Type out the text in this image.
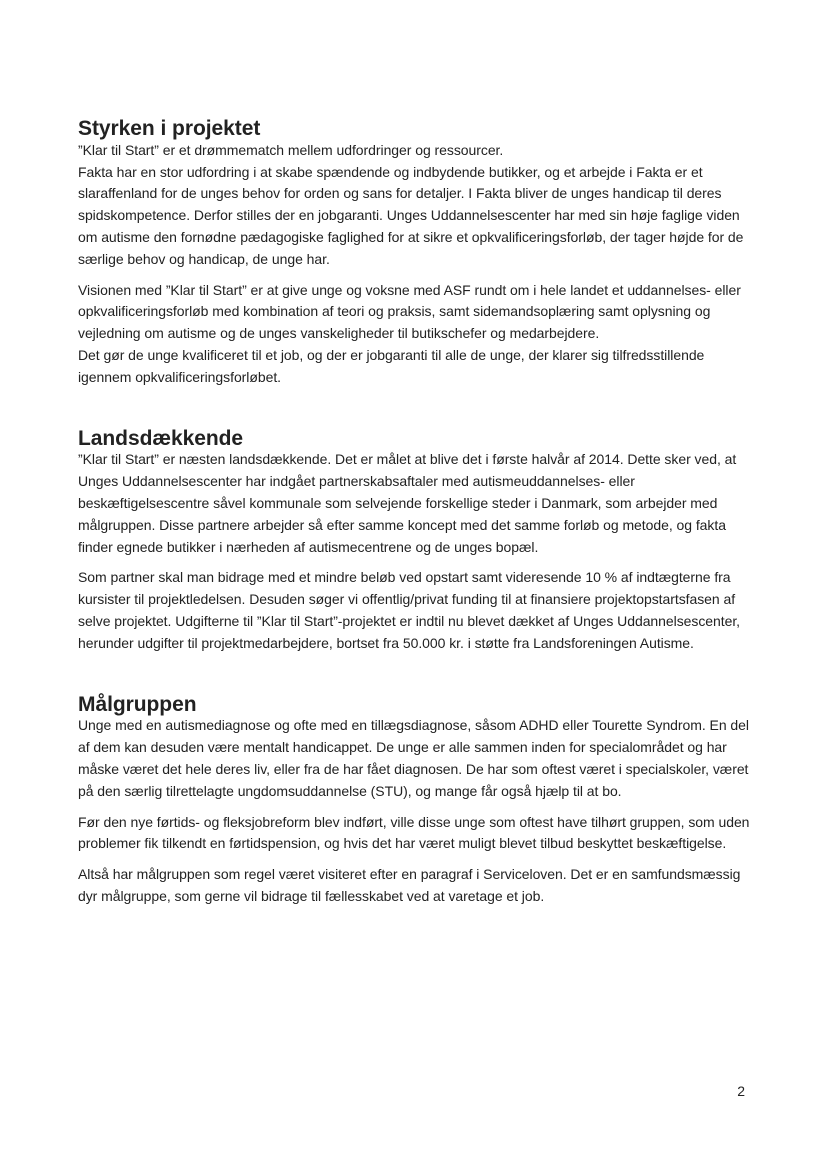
Styrken i projektet

”Klar til Start” er et drømmematch mellem udfordringer og ressourcer.
Fakta har en stor udfordring i at skabe spændende og indbydende butikker, og et arbejde i Fakta er et slaraffenland for de unges behov for orden og sans for detaljer. I Fakta bliver de unges handicap til deres spidskompetence. Derfor stilles der en jobgaranti. Unges Uddannelsescenter har med sin høje faglige viden om autisme den fornødne pædagogiske faglighed for at sikre et opkvalificeringsforløb, der tager højde for de særlige behov og handicap, de unge har.

Visionen med ”Klar til Start” er at give unge og voksne med ASF rundt om i hele landet et uddannelses- eller opkvalificeringsforløb med kombination af teori og praksis, samt sidemandsoplæring samt oplysning og vejledning om autisme og de unges vanskeligheder til butikschefer og medarbejdere.
Det gør de unge kvalificeret til et job, og der er jobgaranti til alle de unge, der klarer sig tilfredsstillende igennem opkvalificeringsforløbet.

Landsdækkende

”Klar til Start” er næsten landsdækkende. Det er målet at blive det i første halvår af 2014. Dette sker ved, at Unges Uddannelsescenter har indgået partnerskabsaftaler med autismeuddannelses- eller beskæftigelsescentre såvel kommunale som selvejende forskellige steder i Danmark, som arbejder med målgruppen. Disse partnere arbejder så efter samme koncept med det samme forløb og metode, og fakta finder egnede butikker i nærheden af autismecentrene og de unges bopæl.

Som partner skal man bidrage med et mindre beløb ved opstart samt videresende 10 % af indtægterne fra kursister til projektledelsen. Desuden søger vi offentlig/privat funding til at finansiere projektopstartsfasen af selve projektet. Udgifterne til ”Klar til Start”-projektet er indtil nu blevet dækket af Unges Uddannelsescenter, herunder udgifter til projektmedarbejdere, bortset fra 50.000 kr. i støtte fra Landsforeningen Autisme.

Målgruppen

Unge med en autismediagnose og ofte med en tillægsdiagnose, såsom ADHD eller Tourette Syndrom. En del af dem kan desuden være mentalt handicappet. De unge er alle sammen inden for specialområdet og har måske været det hele deres liv, eller fra de har fået diagnosen. De har som oftest været i specialskoler, været på den særlig tilrettelagte ungdomsuddannelse (STU), og mange får også hjælp til at bo.

Før den nye førtids- og fleksjobreform blev indført, ville disse unge som oftest have tilhørt gruppen, som uden problemer fik tilkendt en førtidspension, og hvis det har været muligt blevet tilbud beskyttet beskæftigelse.

Altså har målgruppen som regel været visiteret efter en paragraf i Serviceloven. Det er en samfundsmæssig dyr målgruppe, som gerne vil bidrage til fællesskabet ved at varetage et job.

2
